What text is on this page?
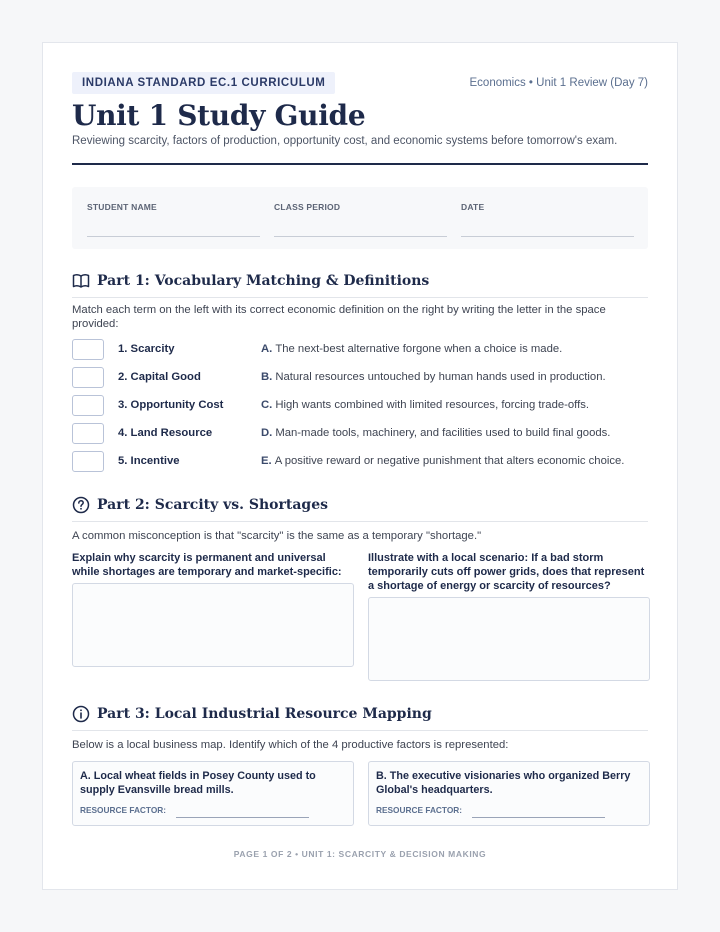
INDIANA STANDARD EC.1 CURRICULUM	Economics • Unit 1 Review (Day 7)
Unit 1 Study Guide
Reviewing scarcity, factors of production, opportunity cost, and economic systems before tomorrow's exam.
STUDENT NAME	CLASS PERIOD	DATE
Part 1: Vocabulary Matching & Definitions
Match each term on the left with its correct economic definition on the right by writing the letter in the space provided:
1. Scarcity	A. The next-best alternative forgone when a choice is made.
2. Capital Good	B. Natural resources untouched by human hands used in production.
3. Opportunity Cost	C. High wants combined with limited resources, forcing trade-offs.
4. Land Resource	D. Man-made tools, machinery, and facilities used to build final goods.
5. Incentive	E. A positive reward or negative punishment that alters economic choice.
Part 2: Scarcity vs. Shortages
A common misconception is that "scarcity" is the same as a temporary "shortage."
Explain why scarcity is permanent and universal while shortages are temporary and market-specific:
Illustrate with a local scenario: If a bad storm temporarily cuts off power grids, does that represent a shortage of energy or scarcity of resources?
Part 3: Local Industrial Resource Mapping
Below is a local business map. Identify which of the 4 productive factors is represented:
A. Local wheat fields in Posey County used to supply Evansville bread mills.
RESOURCE FACTOR:
B. The executive visionaries who organized Berry Global's headquarters.
RESOURCE FACTOR:
PAGE 1 OF 2 • UNIT 1: SCARCITY & DECISION MAKING
